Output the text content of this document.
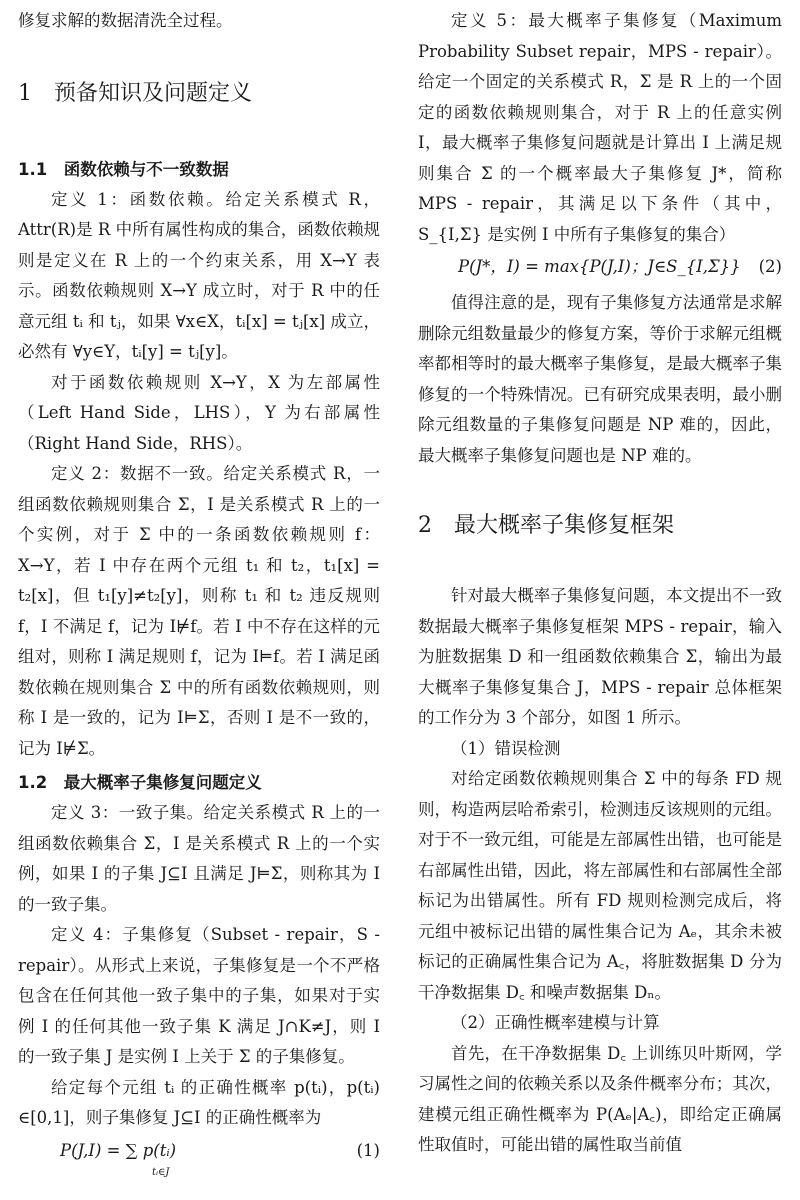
修复求解的数据清洗全过程。

1　预备知识及问题定义
1.1　函数依赖与不一致数据

定义 1：函数依赖。给定关系模式 R，Attr(R)是 R 中所有属性构成的集合，函数依赖规则是定义在 R 上的一个约束关系，用 X→Y 表示。函数依赖规则 X→Y 成立时，对于 R 中的任意元组 tᵢ 和 tⱼ，如果 ∀x∈X，tᵢ[x] = tⱼ[x] 成立，必然有 ∀y∈Y，tᵢ[y] = tⱼ[y]。

对于函数依赖规则 X→Y，X 为左部属性（Left Hand Side，LHS），Y 为右部属性（Right Hand Side，RHS）。

定义 2：数据不一致。给定关系模式 R，一组函数依赖规则集合 Σ，I 是关系模式 R 上的一个实例，对于 Σ 中的一条函数依赖规则 f：X→Y，若 I 中存在两个元组 t₁ 和 t₂，t₁[x] = t₂[x]，但 t₁[y]≠t₂[y]，则称 t₁ 和 t₂ 违反规则 f，I 不满足 f，记为 I⊭f。若 I 中不存在这样的元组对，则称 I 满足规则 f，记为 I⊨f。若 I 满足函数依赖在规则集合 Σ 中的所有函数依赖规则，则称 I 是一致的，记为 I⊨Σ，否则 I 是不一致的，记为 I⊭Σ。

1.2　最大概率子集修复问题定义

定义 3：一致子集。给定关系模式 R 上的一组函数依赖集合 Σ，I 是关系模式 R 上的一个实例，如果 I 的子集 J⊆I 且满足 J⊨Σ，则称其为 I 的一致子集。

定义 4：子集修复（Subset - repair，S - repair）。从形式上来说，子集修复是一个不严格包含在任何其他一致子集中的子集，如果对于实例 I 的任何其他一致子集 K 满足 J∩K≠J，则 I 的一致子集 J 是实例 I 上关于 Σ 的子集修复。

给定每个元组 tᵢ 的正确性概率 p(tᵢ)，p(tᵢ) ∈[0,1]，则子集修复 J⊆I 的正确性概率为

P(J,I) = ∑ p(tᵢ)
tᵢ∈J
(1)

定义 5：最大概率子集修复（Maximum Probability Subset repair，MPS - repair）。给定一个固定的关系模式 R，Σ 是 R 上的一个固定的函数依赖规则集合，对于 R 上的任意实例 I，最大概率子集修复问题就是计算出 I 上满足规则集合 Σ 的一个概率最大子集修复 J*，简称 MPS - repair，其满足以下条件（其中，S_{I,Σ} 是实例 I 中所有子集修复的集合）

P(J*，I) = max{P(J,I)；J∈S_{I,Σ}} (2)

值得注意的是，现有子集修复方法通常是求解删除元组数量最少的修复方案，等价于求解元组概率都相等时的最大概率子集修复，是最大概率子集修复的一个特殊情况。已有研究成果表明，最小删除元组数量的子集修复问题是 NP 难的，因此，最大概率子集修复问题也是 NP 难的。

2　最大概率子集修复框架

针对最大概率子集修复问题，本文提出不一致数据最大概率子集修复框架 MPS - repair，输入为脏数据集 D 和一组函数依赖集合 Σ，输出为最大概率子集修复集合 J，MPS - repair 总体框架的工作分为 3 个部分，如图 1 所示。

（1）错误检测

对给定函数依赖规则集合 Σ 中的每条 FD 规则，构造两层哈希索引，检测违反该规则的元组。对于不一致元组，可能是左部属性出错，也可能是右部属性出错，因此，将左部属性和右部属性全部标记为出错属性。所有 FD 规则检测完成后，将元组中被标记出错的属性集合记为 Aₑ，其余未被标记的正确属性集合记为 A꜀，将脏数据集 D 分为干净数据集 D꜀ 和噪声数据集 Dₙ。

（2）正确性概率建模与计算

首先，在干净数据集 D꜀ 上训练贝叶斯网，学习属性之间的依赖关系以及条件概率分布；其次，建模元组正确性概率为 P(Aₑ|A꜀)，即给定正确属性取值时，可能出错的属性取当前值
